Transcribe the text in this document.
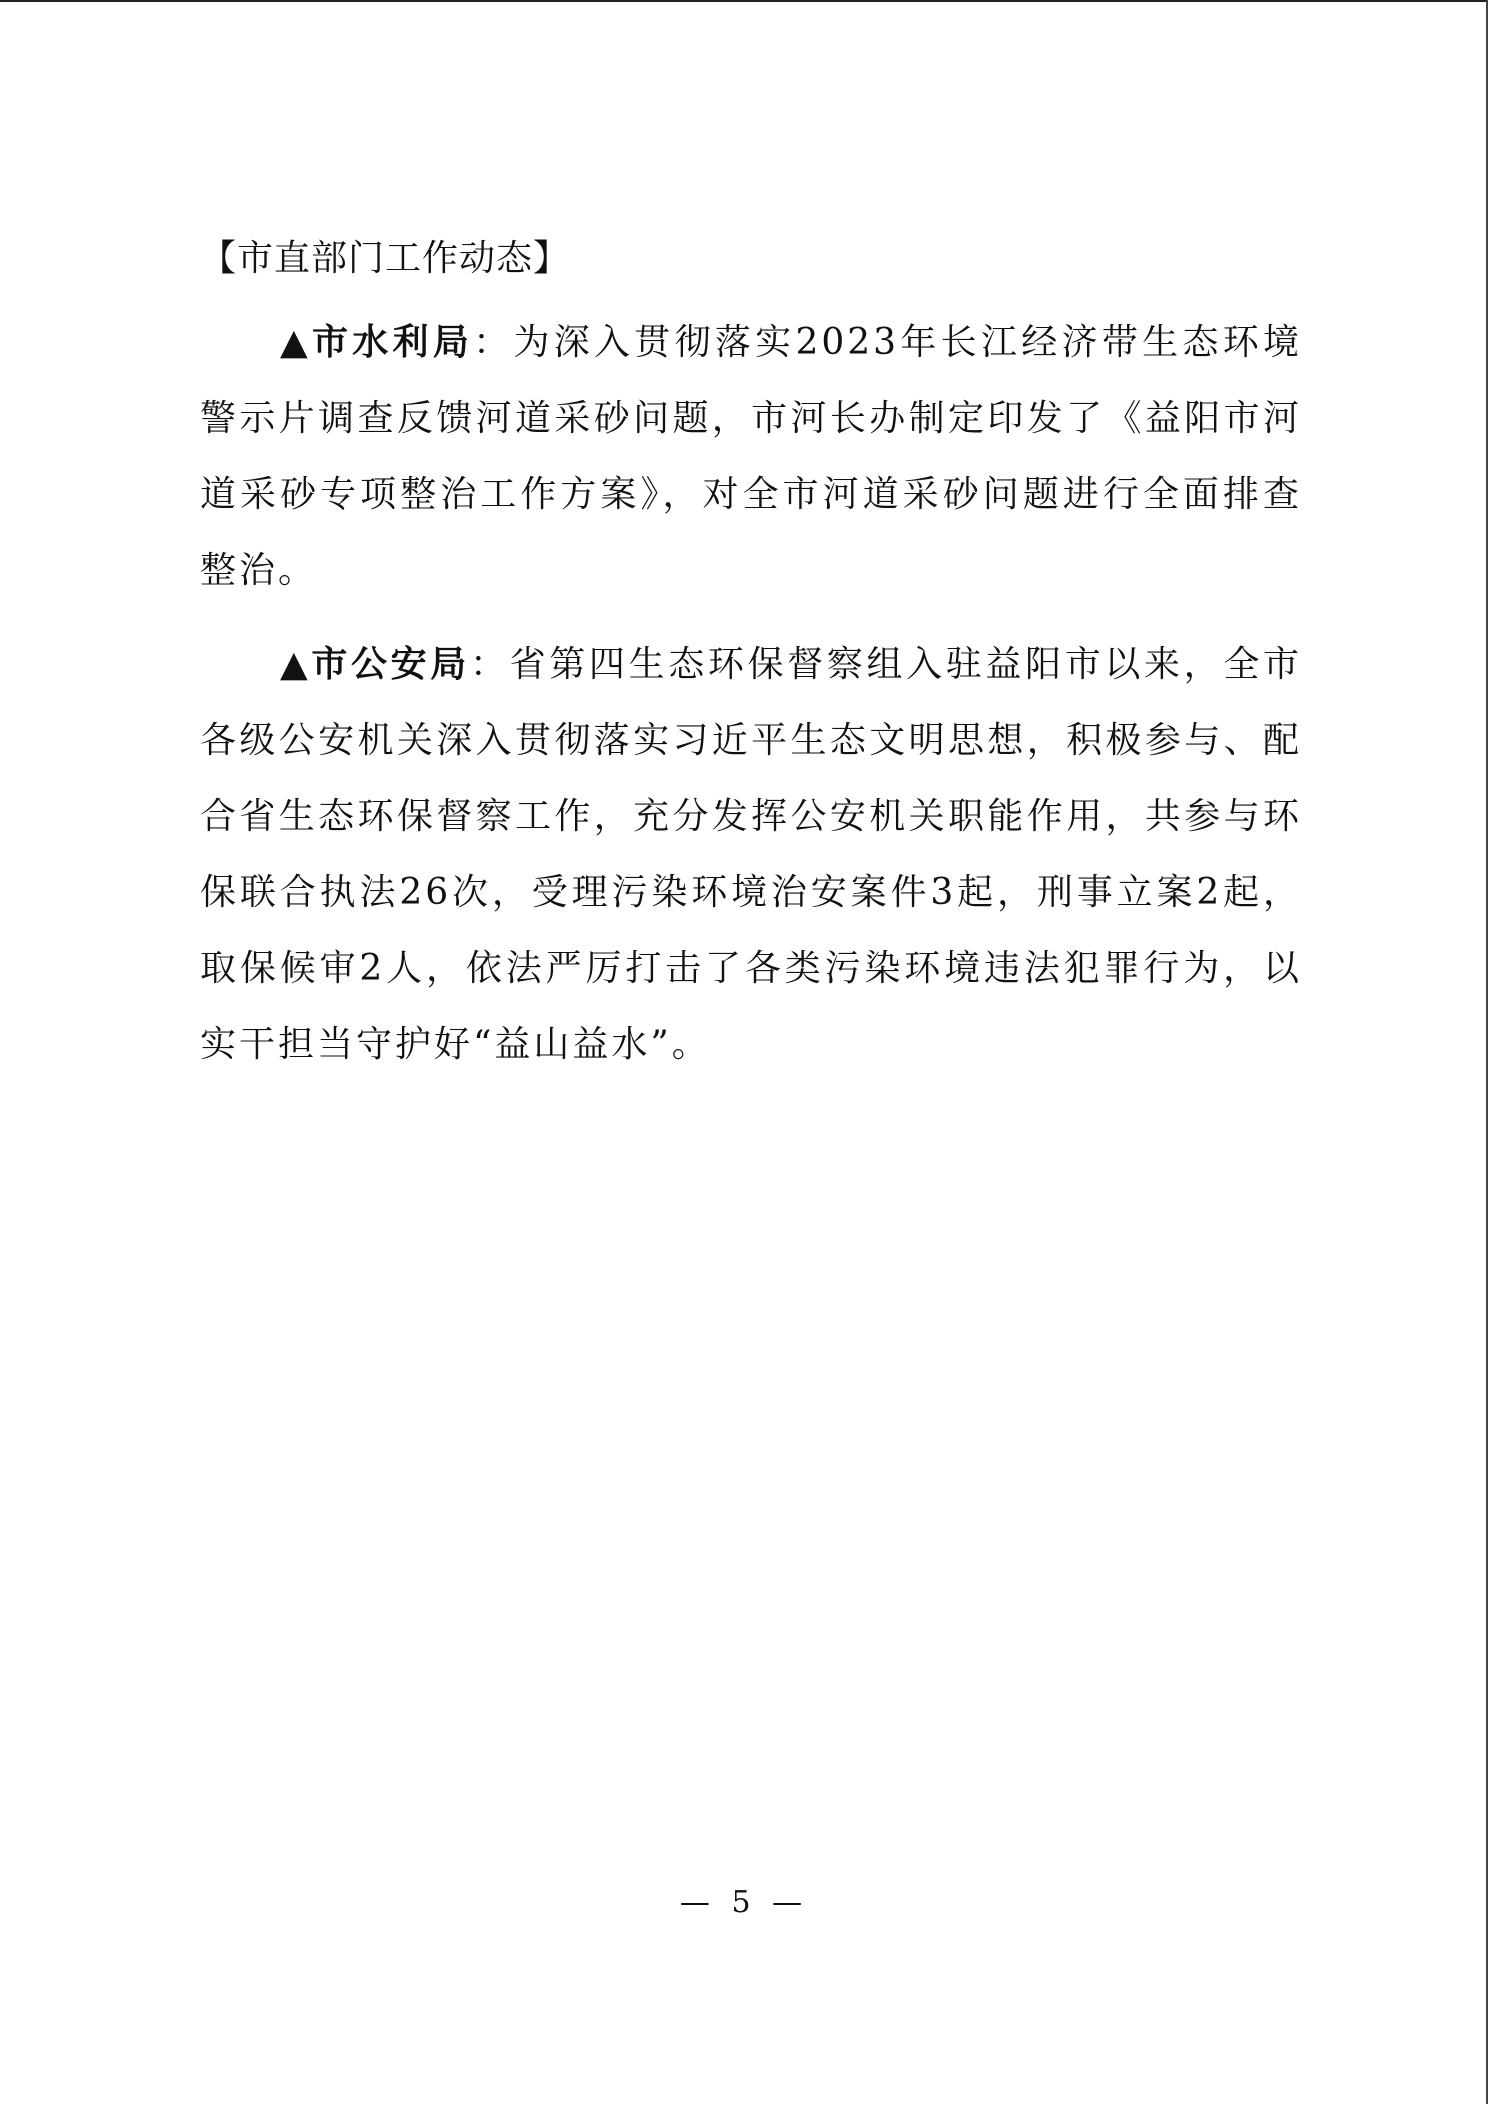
【市直部门工作动态】

▲市水利局：为深入贯彻落实2023年长江经济带生态环境警示片调查反馈河道采砂问题，市河长办制定印发了《益阳市河道采砂专项整治工作方案》，对全市河道采砂问题进行全面排查整治。

▲市公安局：省第四生态环保督察组入驻益阳市以来，全市各级公安机关深入贯彻落实习近平生态文明思想，积极参与、配合省生态环保督察工作，充分发挥公安机关职能作用，共参与环保联合执法26次，受理污染环境治安案件3起，刑事立案2起，取保候审2人，依法严厉打击了各类污染环境违法犯罪行为，以实干担当守护好“益山益水”。

— 5 —
